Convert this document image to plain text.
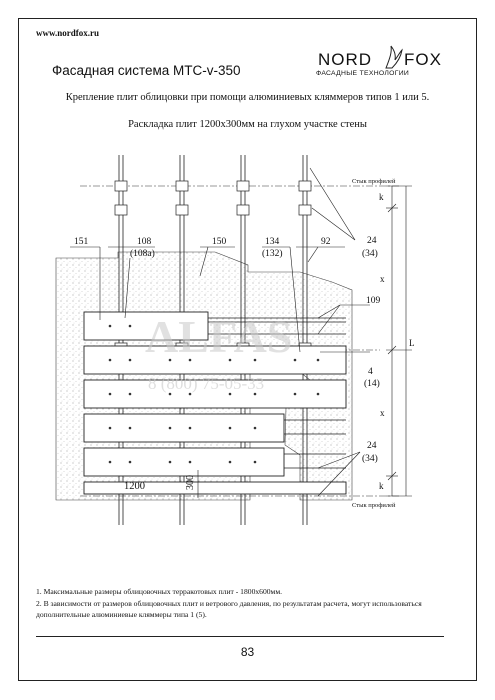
www.nordfox.ru
Фасадная система МТС-v-350
NORD FOX
ФАСАДНЫЕ ТЕХНОЛОГИИ
Крепление плит облицовки при помощи алюминиевых кляммеров типов 1 или 5.
Раскладка плит 1200х300мм на глухом участке стены
ALFAS
8 (800) 75-05-33
151	108
(108а)
150	134
(132)
92	24
(34)
109
4
(14)
24
(34)
Стык профилей
Стык профилей
k
x
L
x
k
1200	300
1. Максимальные размеры облицовочных терракотовых плит - 1800х600мм.
2. В зависимости от размеров облицовочных плит и ветрового давления, по результатам расчета, могут использоваться дополнительные алюминиевые кляммеры типа 1 (5).
83
